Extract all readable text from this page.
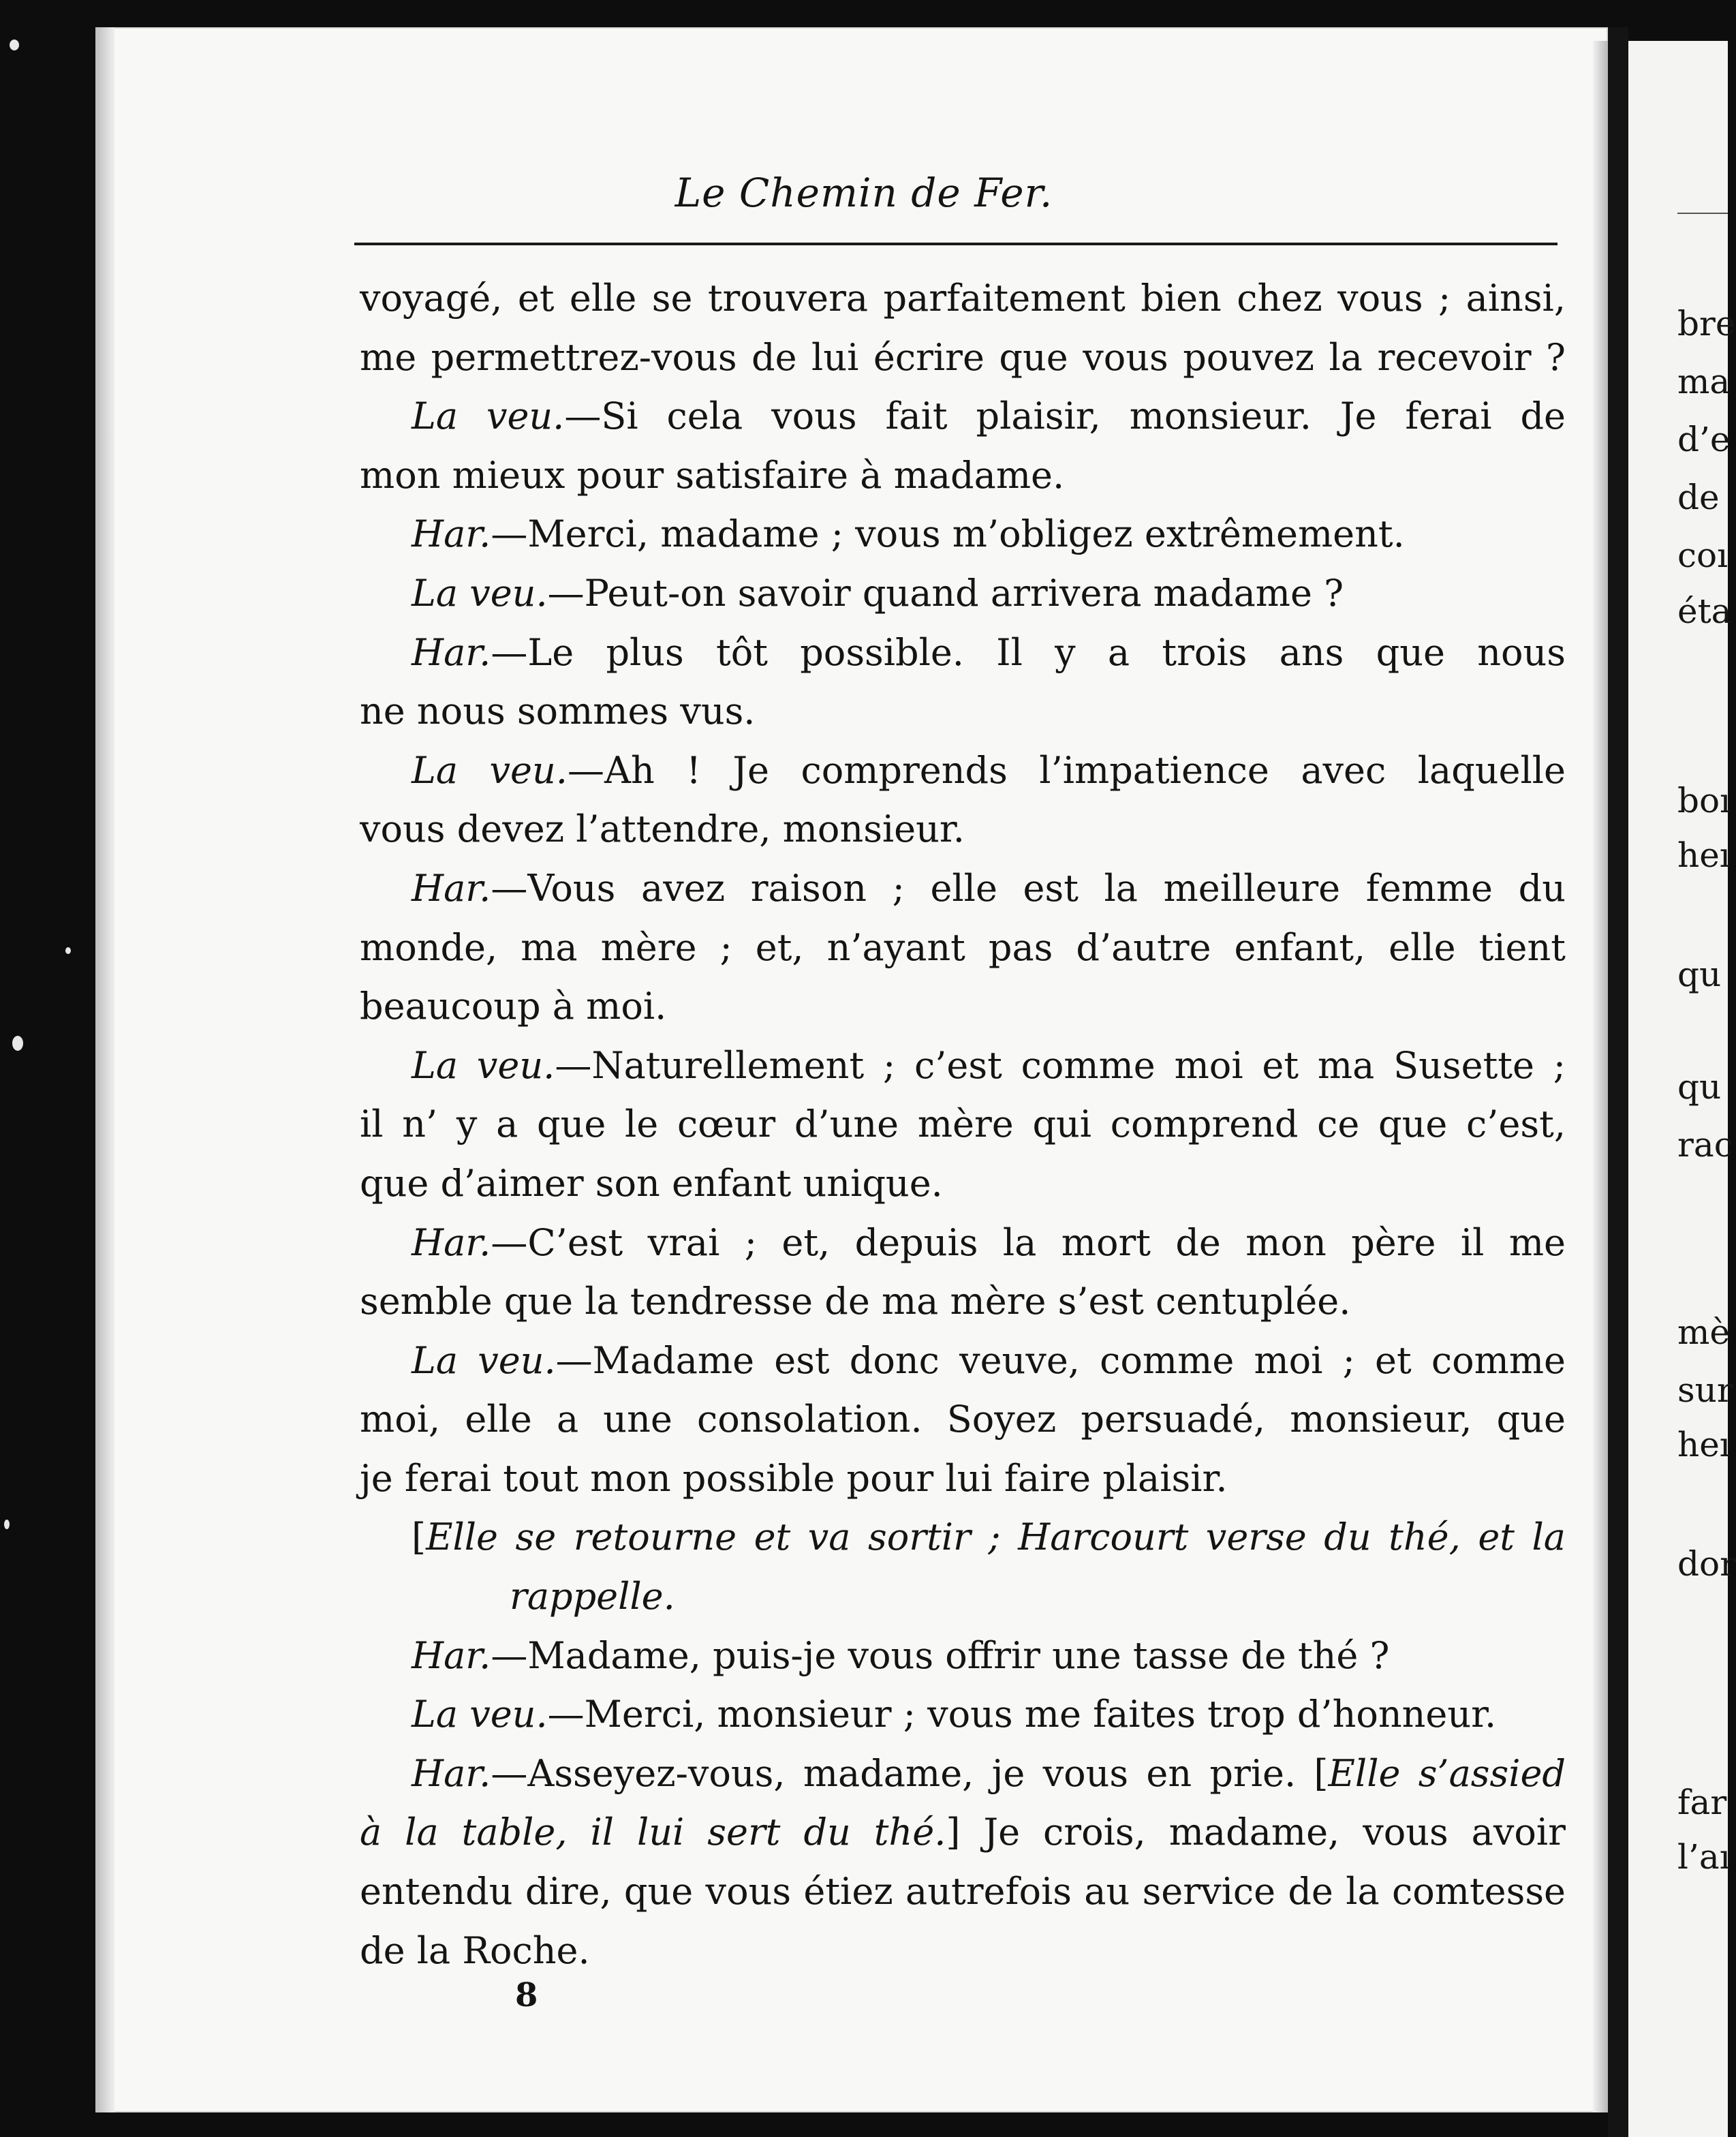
bre
ma
d’e
de
coı
éta
boı
heı
qu
qu
rac
mè
sur
heı
dor
far
l’aı
Le Chemin de Fer.
voyagé, et elle se trouvera parfaitement bien chez vous ; ainsi,
me permettrez-vous de lui écrire que vous pouvez la recevoir ?
La veu.—Si cela vous fait plaisir, monsieur. Je ferai de
mon mieux pour satisfaire à madame.
Har.—Merci, madame ; vous m’obligez extrêmement.
La veu.—Peut-on savoir quand arrivera madame ?
Har.—Le plus tôt possible. Il y a trois ans que nous
ne nous sommes vus.
La veu.—Ah ! Je comprends l’impatience avec laquelle
vous devez l’attendre, monsieur.
Har.—Vous avez raison ; elle est la meilleure femme du
monde, ma mère ; et, n’ayant pas d’autre enfant, elle tient
beaucoup à moi.
La veu.—Naturellement ; c’est comme moi et ma Susette ;
il n’ y a que le cœur d’une mère qui comprend ce que c’est,
que d’aimer son enfant unique.
Har.—C’est vrai ; et, depuis la mort de mon père il me
semble que la tendresse de ma mère s’est centuplée.
La veu.—Madame est donc veuve, comme moi ; et comme
moi, elle a une consolation. Soyez persuadé, monsieur, que
je ferai tout mon possible pour lui faire plaisir.
[Elle se retourne et va sortir ; Harcourt verse du thé, et la
rappelle.
Har.—Madame, puis-je vous offrir une tasse de thé ?
La veu.—Merci, monsieur ; vous me faites trop d’honneur.
Har.—Asseyez-vous, madame, je vous en prie. [Elle s’assied
à la table, il lui sert du thé.] Je crois, madame, vous avoir
entendu dire, que vous étiez autrefois au service de la comtesse
de la Roche.
8
